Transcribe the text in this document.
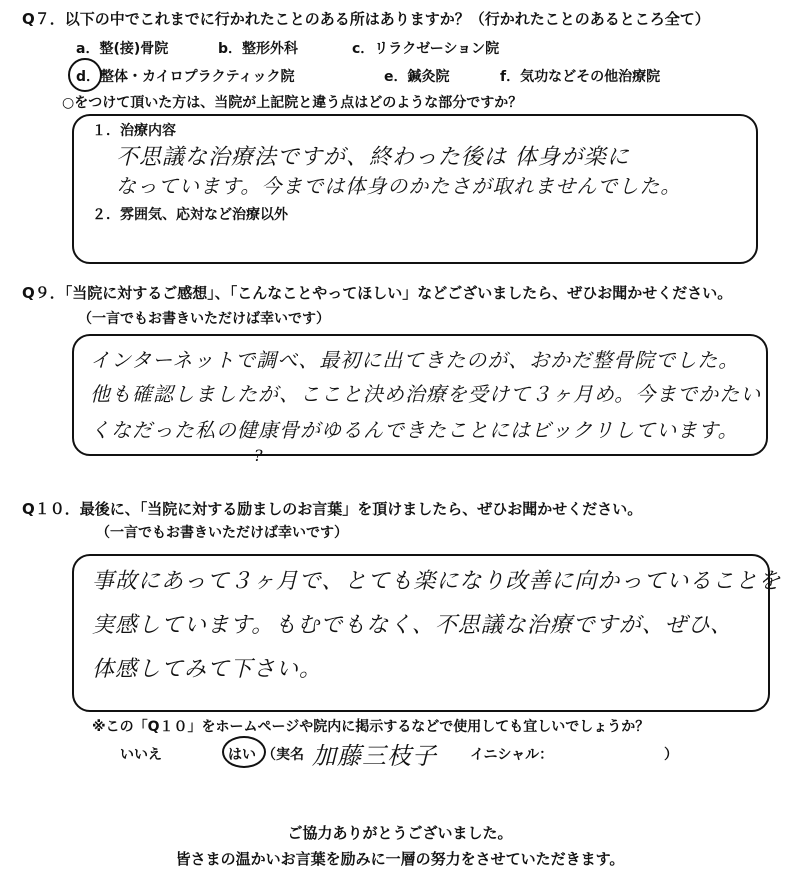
Q７．以下の中でこれまでに行かれたことのある所はありますか？（行かれたことのあるところ全て）
a．整(接)骨院	b．整形外科	c．リラクゼーション院
d．整体・カイロプラクティック院	e．鍼灸院	f．気功などその他治療院
○をつけて頂いた方は、当院が上記院と違う点はどのような部分ですか？
１．治療内容
不思議な治療法ですが、終わった後は 体身が楽に
なっています。今までは体身のかたさが取れませんでした。
２．雰囲気、応対など治療以外
Q９．「当院に対するご感想」、「こんなことやってほしい」などございましたら、ぜひお聞かせください。
（一言でもお書きいただけば幸いです）
インターネットで調べ、最初に出てきたのが、おかだ整骨院でした。
他も確認しましたが、ここと決め治療を受けて３ヶ月め。今までかたい
くなだった私の健康骨がゆるんできたことにはビックリしています。
?
Q１０．最後に、「当院に対する励ましのお言葉」を頂けましたら、ぜひお聞かせください。
（一言でもお書きいただけば幸いです）
事故にあって３ヶ月で、とても楽になり改善に向かっていることを
実感しています。もむでもなく、不思議な治療ですが、ぜひ、
体感してみて下さい。
※この「Q１０」をホームページや院内に掲示するなどで使用しても宜しいでしょうか？
いいえ	はい （実名 加藤三枝子 イニシャル：	）
ご協力ありがとうございました。
皆さまの温かいお言葉を励みに一層の努力をさせていただきます。
